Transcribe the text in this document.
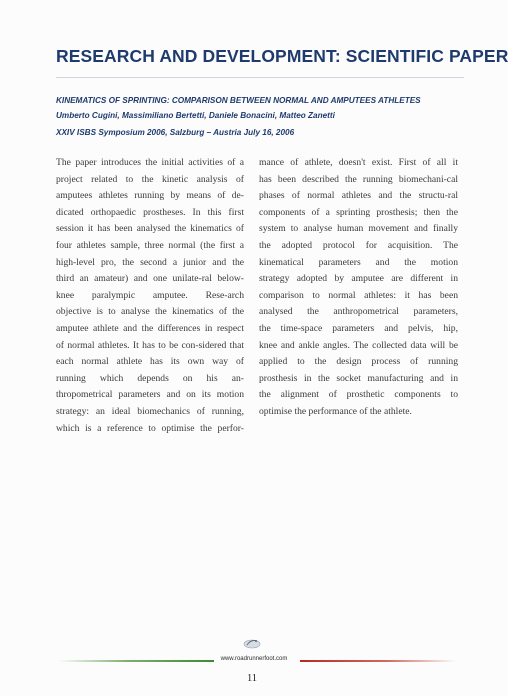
RESEARCH AND DEVELOPMENT: SCIENTIFIC PAPER
KINEMATICS OF SPRINTING: COMPARISON BETWEEN NORMAL AND AMPUTEES ATHLETES
Umberto Cugini, Massimiliano Bertetti, Daniele Bonacini, Matteo Zanetti
XXIV ISBS Symposium 2006, Salzburg – Austria July 16, 2006
The paper introduces the initial activities of a
project related to the kinetic analysis of
amputees athletes running by means of de-
dicated orthopaedic prostheses. In this first
session it has been analysed the kinematics of
four athletes sample, three normal (the first a
high-level pro, the second a junior and the
third an amateur) and one unilate-ral below-
knee paralympic amputee. Rese-arch
objective is to analyse the kinematics of the
amputee athlete and the differences in respect
of normal athletes. It has to be con-sidered that
each normal athlete has its own way of
running which depends on his an-
thropometrical parameters and on its motion
strategy: an ideal biomechanics of running,
which is a reference to optimise the perfor-
mance of athlete, doesn't exist. First of all it
has been described the running biomechani-cal
phases of normal athletes and the structu-ral
components of a sprinting prosthesis; then the
system to analyse human movement and finally
the adopted protocol for acquisition. The
kinematical parameters and the motion
strategy adopted by amputee are different in
comparison to normal athletes: it has been
analysed the anthropometrical parameters,
the time-space parameters and pelvis, hip,
knee and ankle angles. The collected data will be
applied to the design process of running
prosthesis in the socket manufacturing and in
the alignment of prosthetic components to
optimise the performance of the athlete.
www.roadrunnerfoot.com
11
